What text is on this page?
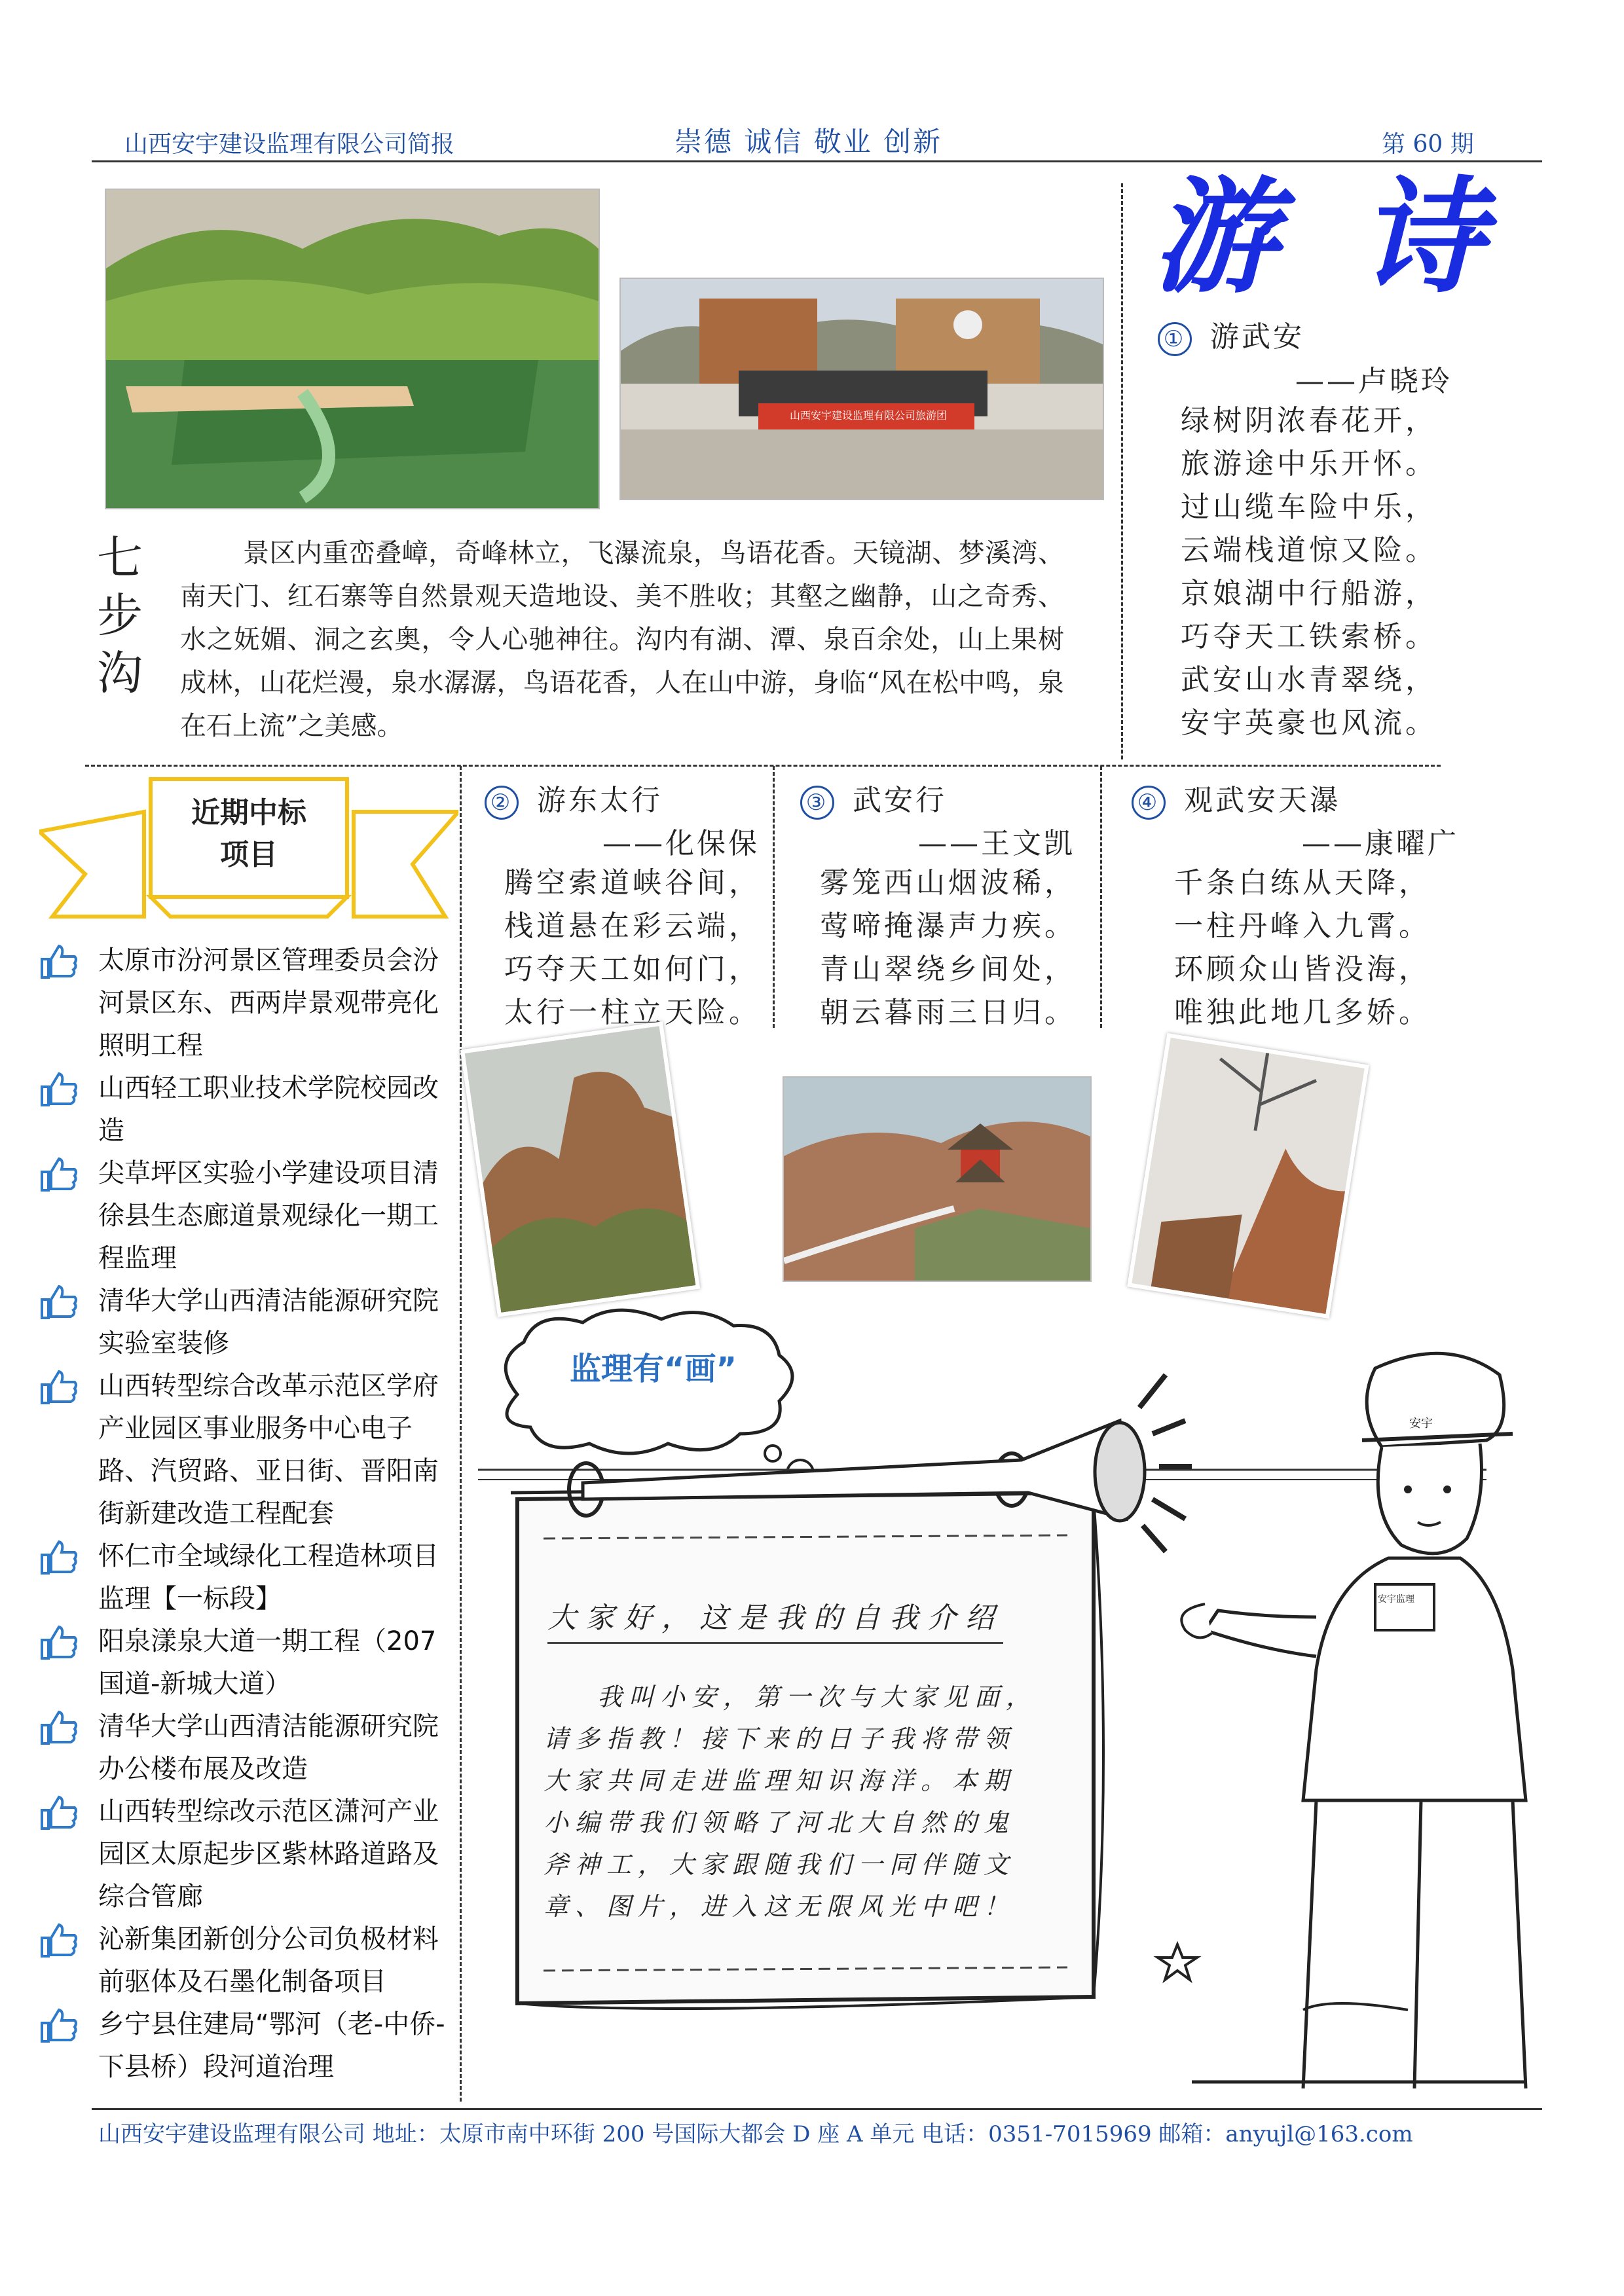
山西安宇建设监理有限公司简报	崇德 诚信 敬业 创新	第 60 期
山西安宇建设监理有限公司旅游团
七
步
沟
景区内重峦叠嶂，奇峰林立，飞瀑流泉，鸟语花香。天镜湖、梦溪湾、南天门、红石寨等自然景观天造地设、美不胜收；其壑之幽静，山之奇秀、水之妩媚、洞之玄奥，令人心驰神往。沟内有湖、潭、泉百余处，山上果树成林，山花烂漫，泉水潺潺，鸟语花香，人在山中游，身临“风在松中鸣，泉在石上流”之美感。
游 诗
① 游武安
——卢晓玲
绿树阴浓春花开，
旅游途中乐开怀。
过山缆车险中乐，
云端栈道惊又险。
京娘湖中行船游，
巧夺天工铁索桥。
武安山水青翠绕，
安宇英豪也风流。
② 游东太行
——化保保
腾空索道峡谷间，
栈道悬在彩云端，
巧夺天工如何门，
太行一柱立天险。
③ 武安行
——王文凯
雾笼西山烟波稀，
莺啼掩瀑声力疾。
青山翠绕乡间处，
朝云暮雨三日归。
④ 观武安天瀑
——康曜广
千条白练从天降，
一柱丹峰入九霄。
环顾众山皆没海，
唯独此地几多娇。
近期中标
项目
太原市汾河景区管理委员会汾河景区东、西两岸景观带亮化照明工程
山西轻工职业技术学院校园改造
尖草坪区实验小学建设项目清徐县生态廊道景观绿化一期工程监理
清华大学山西清洁能源研究院实验室装修
山西转型综合改革示范区学府产业园区事业服务中心电子路、汽贸路、亚日街、晋阳南街新建改造工程配套
怀仁市全域绿化工程造林项目监理【一标段】
阳泉漾泉大道一期工程（207国道-新城大道）
清华大学山西清洁能源研究院办公楼布展及改造
山西转型综改示范区潇河产业园区太原起步区紫林路道路及综合管廊
沁新集团新创分公司负极材料前驱体及石墨化制备项目
乡宁县住建局“鄂河（老-中侨-下县桥）段河道治理
监理有“画”
安宇
安宇监理
大家好，这是我的自我介绍
我叫小安，第一次与大家见面，
请多指教！接下来的日子我将带领
大家共同走进监理知识海洋。本期
小编带我们领略了河北大自然的鬼
斧神工，大家跟随我们一同伴随文
章、图片，进入这无限风光中吧！
山西安宇建设监理有限公司 地址：太原市南中环街 200 号国际大都会 D 座 A 单元 电话：0351-7015969 邮箱：anyujl@163.com
